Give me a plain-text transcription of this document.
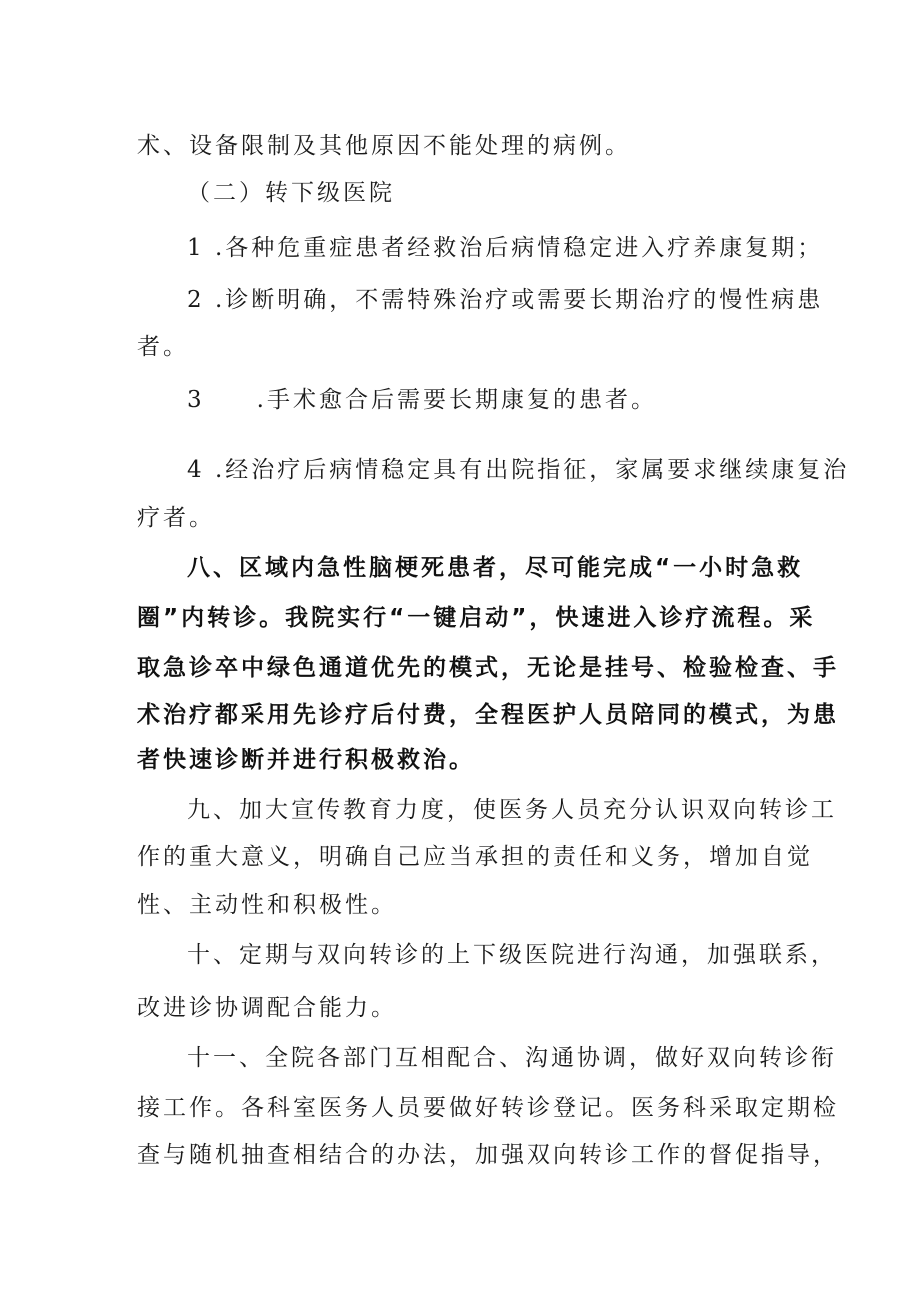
术、设备限制及其他原因不能处理的病例。
（二）转下级医院
1 .各种危重症患者经救治后病情稳定进入疗养康复期；
2 .诊断明确，不需特殊治疗或需要长期治疗的慢性病患
者。
3　　.手术愈合后需要长期康复的患者。
4 .经治疗后病情稳定具有出院指征，家属要求继续康复治
疗者。
八、区域内急性脑梗死患者，尽可能完成“一小时急救
圈”内转诊。我院实行“一键启动”，快速进入诊疗流程。采
取急诊卒中绿色通道优先的模式，无论是挂号、检验检查、手
术治疗都采用先诊疗后付费，全程医护人员陪同的模式，为患
者快速诊断并进行积极救治。
九、加大宣传教育力度，使医务人员充分认识双向转诊工
作的重大意义，明确自己应当承担的责任和义务，增加自觉
性、主动性和积极性。
十、定期与双向转诊的上下级医院进行沟通，加强联系，
改进诊协调配合能力。
十一、全院各部门互相配合、沟通协调，做好双向转诊衔
接工作。各科室医务人员要做好转诊登记。医务科采取定期检
查与随机抽查相结合的办法，加强双向转诊工作的督促指导，
